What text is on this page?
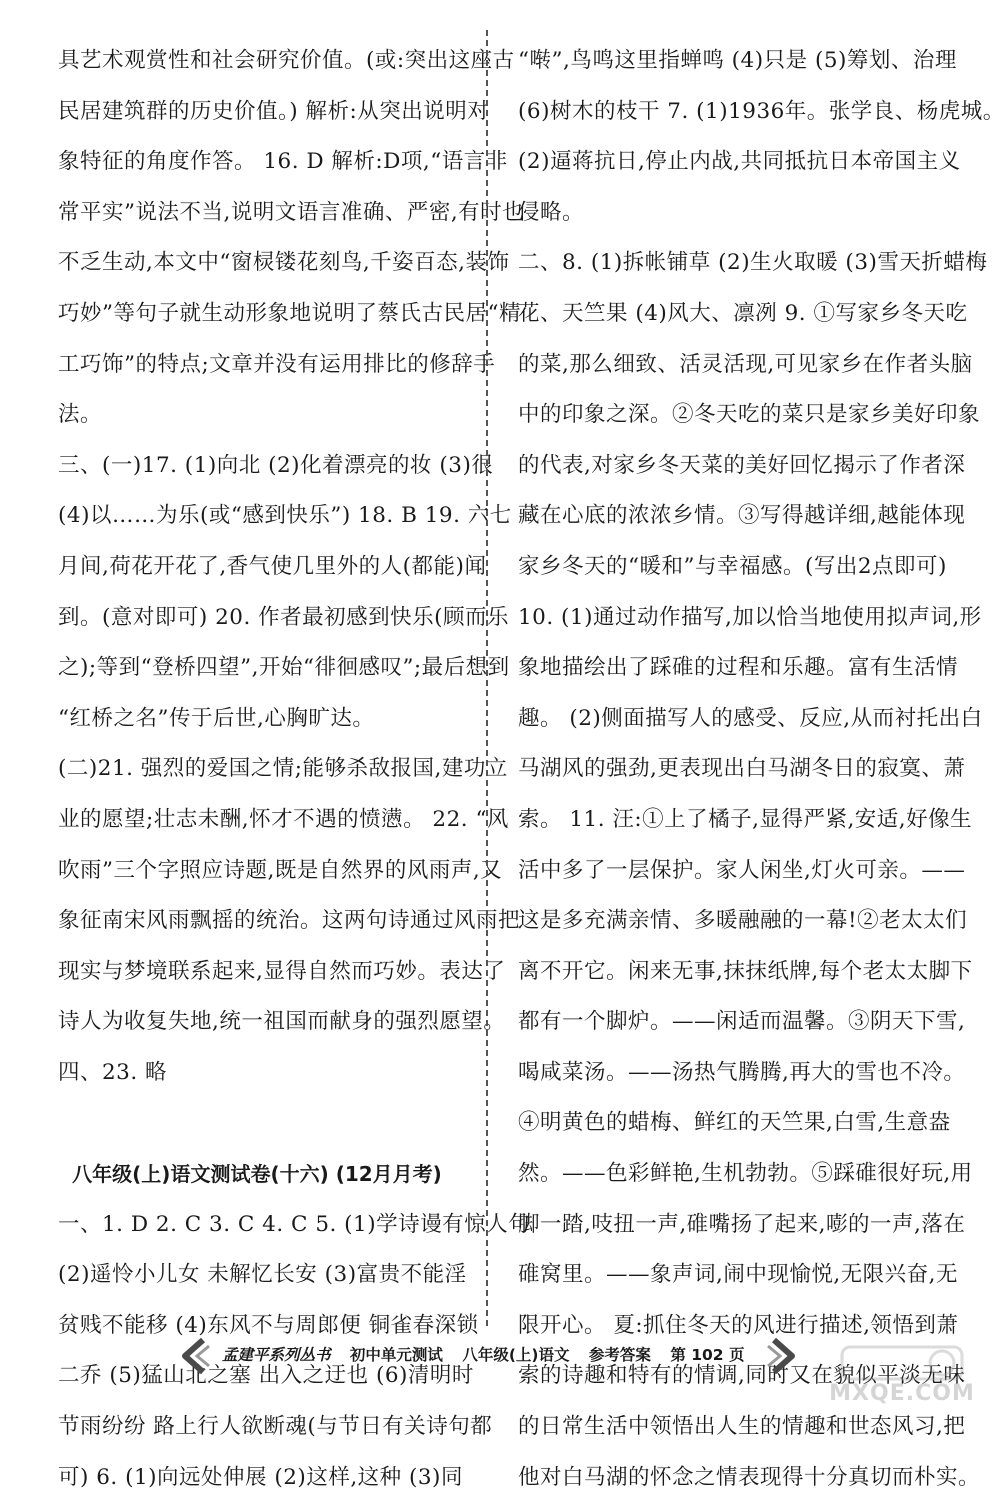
具艺术观赏性和社会研究价值。(或:突出这座古
民居建筑群的历史价值。) 解析:从突出说明对
象特征的角度作答。 16. D 解析:D项,“语言非
常平实”说法不当,说明文语言准确、严密,有时也
不乏生动,本文中“窗棂镂花刻鸟,千姿百态,装饰
巧妙”等句子就生动形象地说明了蔡氏古民居“精
工巧饰”的特点;文章并没有运用排比的修辞手
法。
三、(一)17. (1)向北 (2)化着漂亮的妆 (3)很
(4)以……为乐(或“感到快乐”) 18. B 19. 六七
月间,荷花开花了,香气使几里外的人(都能)闻
到。(意对即可) 20. 作者最初感到快乐(顾而乐
之);等到“登桥四望”,开始“徘徊感叹”;最后想到
“红桥之名”传于后世,心胸旷达。
(二)21. 强烈的爱国之情;能够杀敌报国,建功立
业的愿望;壮志未酬,怀才不遇的愤懑。 22. “风
吹雨”三个字照应诗题,既是自然界的风雨声,又
象征南宋风雨飘摇的统治。这两句诗通过风雨把
现实与梦境联系起来,显得自然而巧妙。表达了
诗人为收复失地,统一祖国而献身的强烈愿望。
四、23. 略
八年级(上)语文测试卷(十六) (12月月考)
一、1. D 2. C 3. C 4. C 5. (1)学诗谩有惊人句
(2)遥怜小儿女 未解忆长安 (3)富贵不能淫
贫贱不能移 (4)东风不与周郎便 铜雀春深锁
二乔 (5)猛山北之塞 出入之迂也 (6)清明时
节雨纷纷 路上行人欲断魂(与节日有关诗句都
可) 6. (1)向远处伸展 (2)这样,这种 (3)同
“啭”,鸟鸣这里指蝉鸣 (4)只是 (5)筹划、治理
(6)树木的枝干 7. (1)1936年。张学良、杨虎城。
(2)逼蒋抗日,停止内战,共同抵抗日本帝国主义
侵略。
二、8. (1)拆帐铺草 (2)生火取暖 (3)雪天折蜡梅
花、天竺果 (4)风大、凛冽 9. ①写家乡冬天吃
的菜,那么细致、活灵活现,可见家乡在作者头脑
中的印象之深。②冬天吃的菜只是家乡美好印象
的代表,对家乡冬天菜的美好回忆揭示了作者深
藏在心底的浓浓乡情。③写得越详细,越能体现
家乡冬天的“暖和”与幸福感。(写出2点即可)
10. (1)通过动作描写,加以恰当地使用拟声词,形
象地描绘出了踩碓的过程和乐趣。富有生活情
趣。 (2)侧面描写人的感受、反应,从而衬托出白
马湖风的强劲,更表现出白马湖冬日的寂寞、萧
索。 11. 汪:①上了橘子,显得严紧,安适,好像生
活中多了一层保护。家人闲坐,灯火可亲。——
这是多充满亲情、多暖融融的一幕!②老太太们
离不开它。闲来无事,抹抹纸牌,每个老太太脚下
都有一个脚炉。——闲适而温馨。③阴天下雪,
喝咸菜汤。——汤热气腾腾,再大的雪也不冷。
④明黄色的蜡梅、鲜红的天竺果,白雪,生意盎
然。——色彩鲜艳,生机勃勃。⑤踩碓很好玩,用
脚一踏,吱扭一声,碓嘴扬了起来,嘭的一声,落在
碓窝里。——象声词,闹中现愉悦,无限兴奋,无
限开心。 夏:抓住冬天的风进行描述,领悟到萧
索的诗趣和特有的情调,同时又在貌似平淡无味
的日常生活中领悟出人生的情趣和世态风习,把
他对白马湖的怀念之情表现得十分真切而朴实。
孟建平系列丛书 初中单元测试 八年级(上)语文 参考答案 第 102 页
MXQE.COM
